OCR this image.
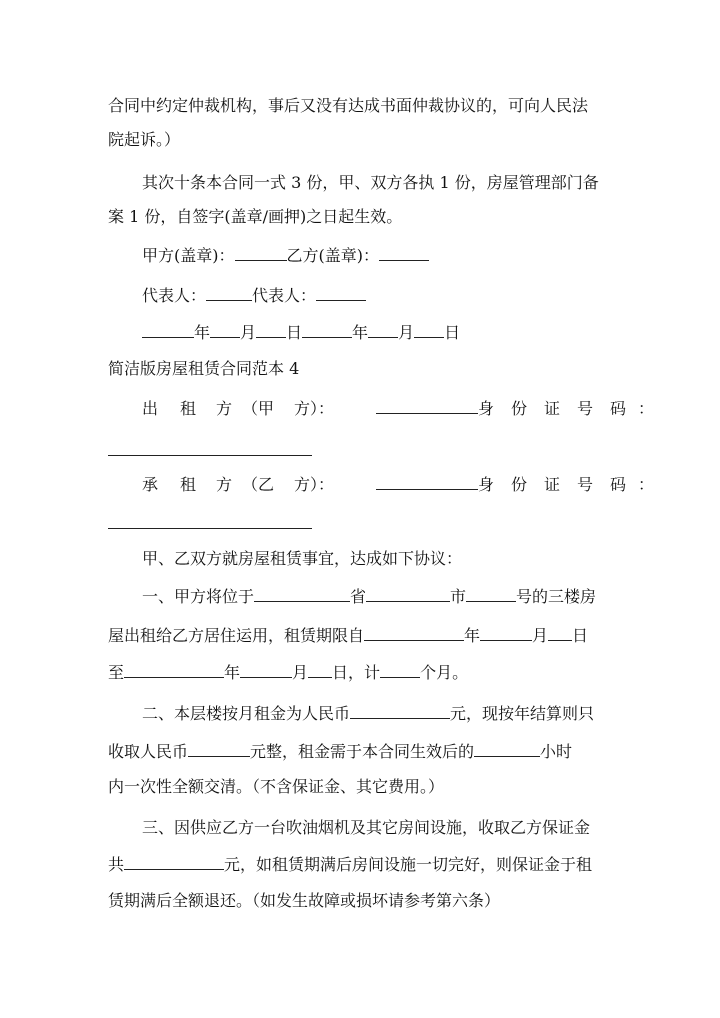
合同中约定仲裁机构，事后又没有达成书面仲裁协议的，可向人民法
院起诉。）
其次十条本合同一式 3 份，甲、双方各执 1 份，房屋管理部门备
案 1 份，自签字(盖章/画押)之日起生效。
甲方(盖章)：	乙方(盖章)：
代表人：	代表人：
年 月 日	年 月 日
简洁版房屋租赁合同范本 4
出 租 方 （甲 方）：	身 份 证 号 码 ：
承 租 方 （乙 方）：	身 份 证 号 码 ：
甲、乙双方就房屋租赁事宜，达成如下协议：
一、甲方将位于	省	市	号的三楼房
屋出租给乙方居住运用，租赁期限自	年	月 日
至	年	月 日，计	个月。
二、本层楼按月租金为人民币	元，现按年结算则只
收取人民币	元整，租金需于本合同生效后的	小时
内一次性全额交清。（不含保证金、其它费用。）
三、因供应乙方一台吹油烟机及其它房间设施，收取乙方保证金
共	元，如租赁期满后房间设施一切完好，则保证金于租
赁期满后全额退还。（如发生故障或损坏请参考第六条）
